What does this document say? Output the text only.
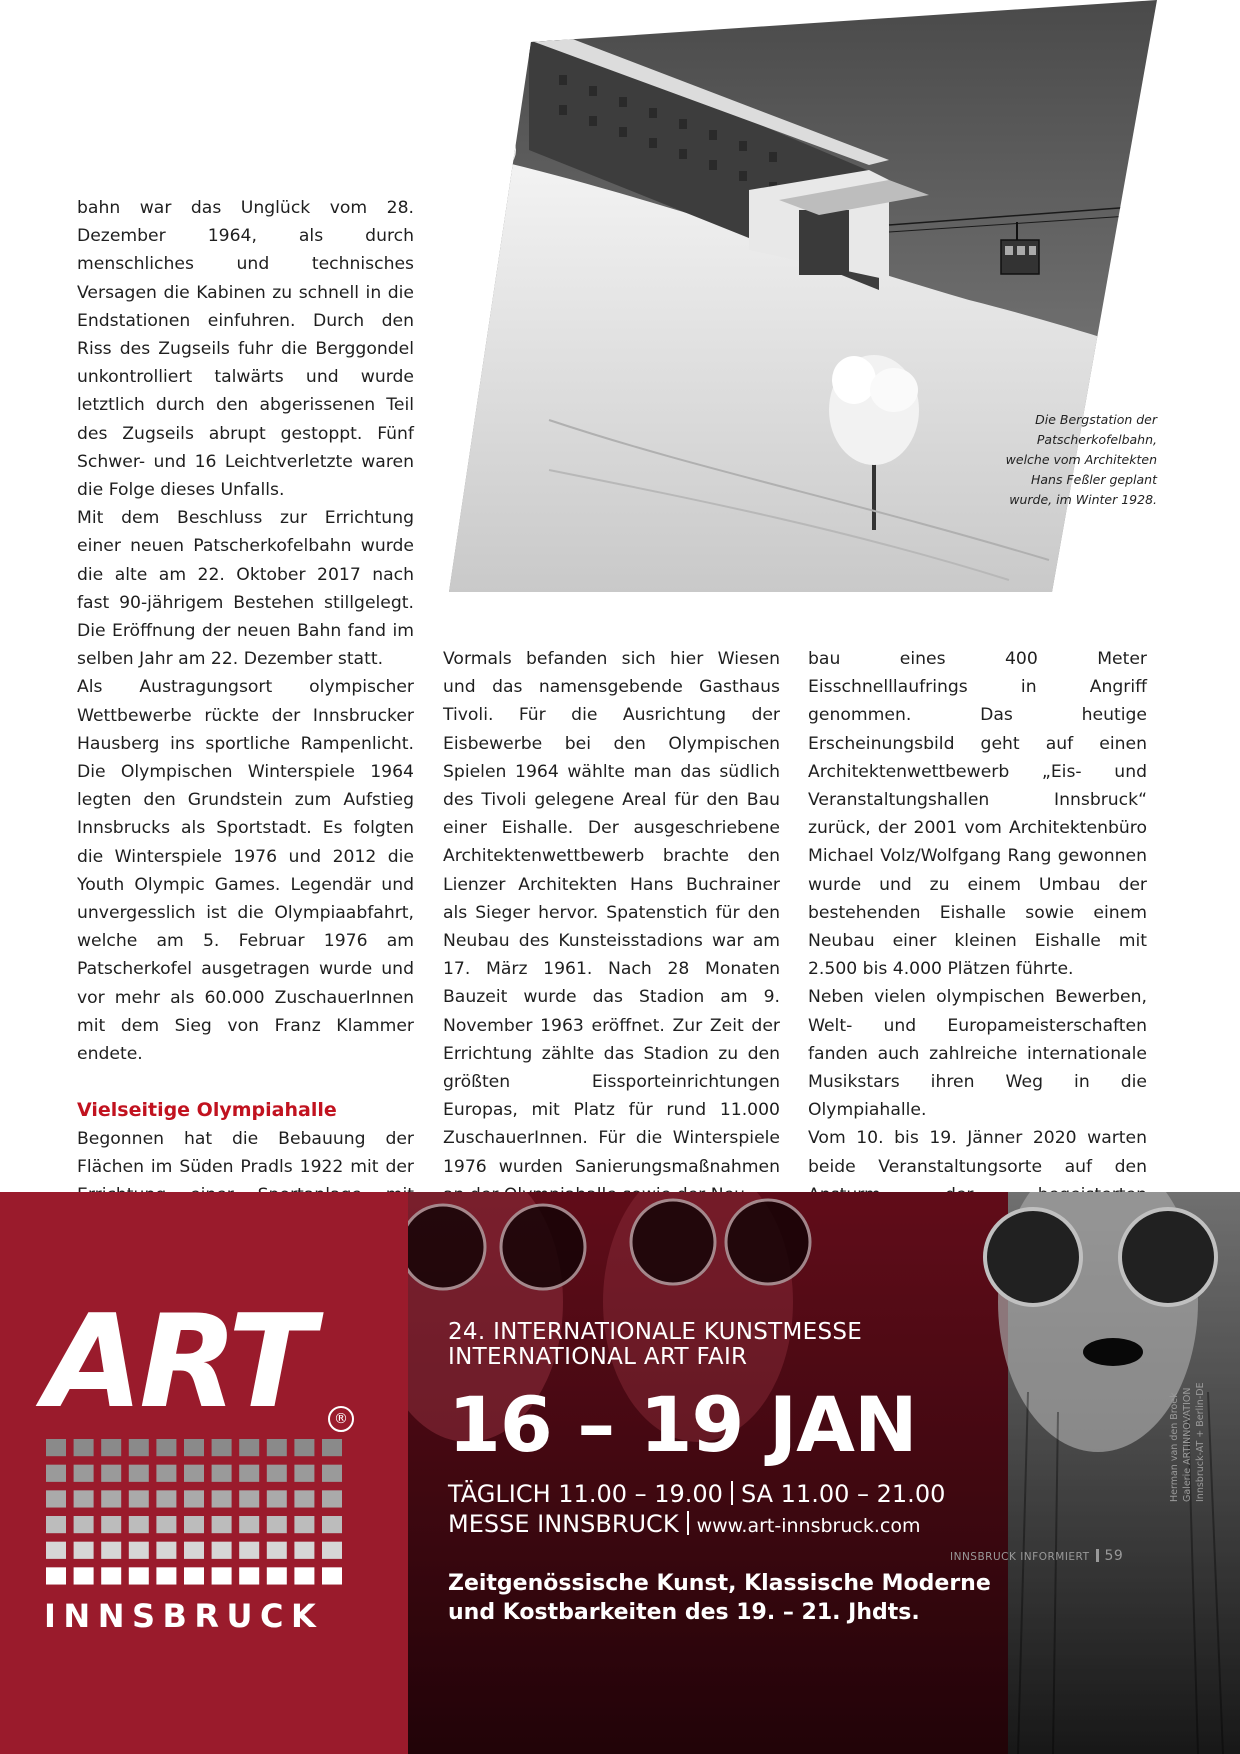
bahn war das Unglück vom 28. Dezember 1964, als durch menschliches und technisches Versagen die Kabinen zu schnell in die Endstationen einfuhren. Durch den Riss des Zugseils fuhr die Berggondel unkontrolliert talwärts und wurde letztlich durch den abgerissenen Teil des Zugseils abrupt gestoppt. Fünf Schwer- und 16 Leichtverletzte waren die Folge dieses Unfalls.

Mit dem Beschluss zur Errichtung einer neuen Patscherkofelbahn wurde die alte am 22. Oktober 2017 nach fast 90-jährigem Bestehen stillgelegt. Die Eröffnung der neuen Bahn fand im selben Jahr am 22. Dezember statt.

Als Austragungsort olympischer Wettbewerbe rückte der Innsbrucker Hausberg ins sportliche Rampenlicht. Die Olympischen Winterspiele 1964 legten den Grundstein zum Aufstieg Innsbrucks als Sportstadt. Es folgten die Winterspiele 1976 und 2012 die Youth Olympic Games. Legendär und unvergesslich ist die Olympiaabfahrt, welche am 5. Februar 1976 am Patscherkofel ausgetragen wurde und vor mehr als 60.000 ZuschauerInnen mit dem Sieg von Franz Klammer endete.

Vielseitige Olympiahalle

Begonnen hat die Bebauung der Flächen im Süden Pradls 1922 mit der

Vormals befanden sich hier Wiesen und das namensgebende Gasthaus Tivoli. Für die Ausrichtung der Eisbewerbe bei den Olympischen Spielen 1964 wählte man das südlich des Tivoli gelegene Areal für den Bau einer Eishalle. Der ausgeschriebene Architektenwettbewerb brachte den Lienzer Architekten Hans Buchrainer als Sieger hervor. Spatenstich für den Neubau des Kunsteisstadions war am 17. März 1961. Nach 28 Monaten Bauzeit wurde das Stadion am 9. November 1963 eröffnet. Zur Zeit der Errichtung zählte das Stadion zu den größten Eissporteinrichtungen Europas, mit Platz für rund 11.000 ZuschauerInnen. Für die Winterspiele 1976 wurden Sanierungsmaßnahmen

bau eines 400 Meter Eisschnelllaufrings in Angriff genommen. Das heutige Erscheinungsbild geht auf einen Architektenwettbewerb „Eis- und Veranstaltungshallen Innsbruck“ zurück, der 2001 vom Architektenbüro Michael Volz/Wolfgang Rang gewonnen wurde und zu einem Umbau der bestehenden Eishalle sowie einem Neubau einer kleinen Eishalle mit 2.500 bis 4.000 Plätzen führte.

Neben vielen olympischen Bewerben, Welt- und Europameisterschaften fanden auch zahlreiche internationale Musikstars ihren Weg in die Olympiahalle.

Vom 10. bis 19. Jänner 2020 warten beide Veranstaltungsorte auf den

Die Bergstation der Patscherkofelbahn, welche vom Architekten Hans Feßler geplant wurde, im Winter 1928.
ART	®
INNSBRUCK
24. INTERNATIONALE KUNSTMESSE
INTERNATIONAL ART FAIR
16 – 19 JAN
TÄGLICH 11.00 – 19.00 SA 11.00 – 21.00
MESSE INNSBRUCK www.art-innsbruck.com
Zeitgenössische Kunst, Klassische Moderne
und Kostbarkeiten des 19. – 21. Jhdts.
Herman van den Broek Galerie ARTINNOVATION Innsbruck-AT + Berlin-DE
INNSBRUCK INFORMIERT 59
